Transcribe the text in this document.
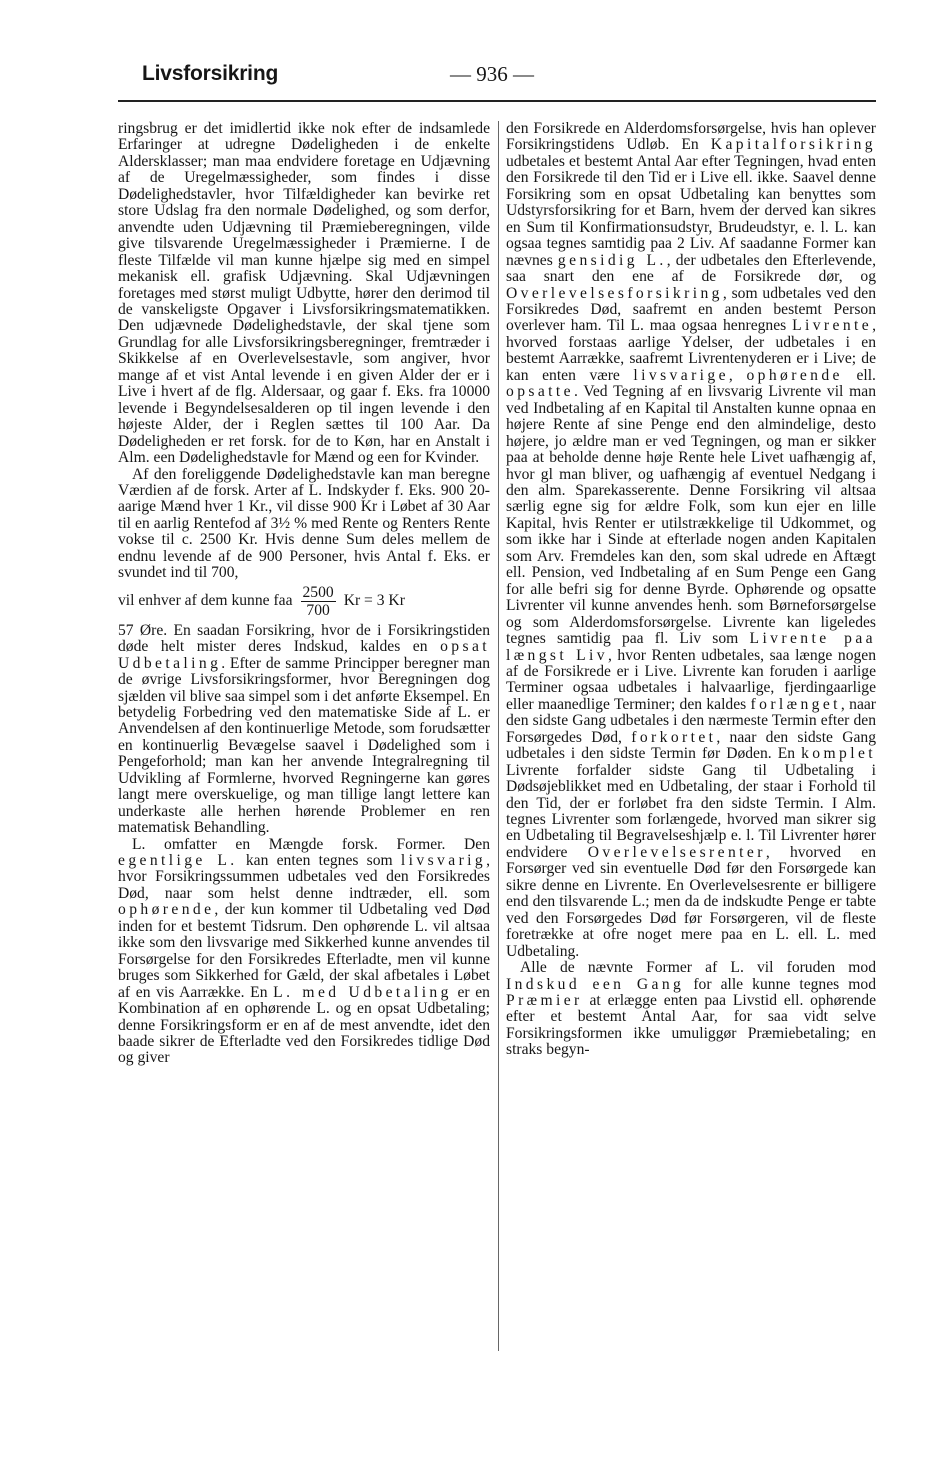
Livsforsikring	— 936 —

ringsbrug er det imidlertid ikke nok efter de indsamlede Erfaringer at udregne Dødeligheden i de enkelte Aldersklasser; man maa endvidere foretage en Udjævning af de Uregelmæssigheder, som findes i disse Dødelighedstavler, hvor Tilfældigheder kan bevirke ret store Udslag fra den normale Dødelighed, og som derfor, anvendte uden Udjævning til Præmieberegningen, vilde give tilsvarende Uregelmæssigheder i Præmierne. I de fleste Tilfælde vil man kunne hjælpe sig med en simpel mekanisk ell. grafisk Udjævning. Skal Udjævningen foretages med størst muligt Udbytte, hører den derimod til de vanskeligste Opgaver i Livsforsikringsmatematikken. Den udjævnede Dødelighedstavle, der skal tjene som Grundlag for alle Livsforsikringsberegninger, fremtræder i Skikkelse af en Overlevelsestavle, som angiver, hvor mange af et vist Antal levende i en given Alder der er i Live i hvert af de flg. Aldersaar, og gaar f. Eks. fra 10000 levende i Begyndelsesalderen op til ingen levende i den højeste Alder, der i Reglen sættes til 100 Aar. Da Dødeligheden er ret forsk. for de to Køn, har en Anstalt i Alm. een Dødelighedstavle for Mænd og een for Kvinder.

Af den foreliggende Dødelighedstavle kan man beregne Værdien af de forsk. Arter af L. Indskyder f. Eks. 900 20-aarige Mænd hver 1 Kr., vil disse 900 Kr i Løbet af 30 Aar til en aarlig Rentefod af 3½ % med Rente og Renters Rente vokse til c. 2500 Kr. Hvis denne Sum deles mellem de endnu levende af de 900 Personer, hvis Antal f. Eks. er svundet ind til 700,

vil enhver af dem kunne faa $\frac{2500}{700}$ Kr = 3 Kr

57 Øre. En saadan Forsikring, hvor de i Forsikringstiden døde helt mister deres Indskud, kaldes en opsat Udbetaling. Efter de samme Principper beregner man de øvrige Livsforsikringsformer, hvor Beregningen dog sjælden vil blive saa simpel som i det anførte Eksempel. En betydelig Forbedring ved den matematiske Side af L. er Anvendelsen af den kontinuerlige Metode, som forudsætter en kontinuerlig Bevægelse saavel i Dødelighed som i Pengeforhold; man kan her anvende Integralregning til Udvikling af Formlerne, hvorved Regningerne kan gøres langt mere overskuelige, og man tillige langt lettere kan underkaste alle herhen hørende Problemer en ren matematisk Behandling.

L. omfatter en Mængde forsk. Former. Den egentlige L. kan enten tegnes som livsvarig, hvor Forsikringssummen udbetales ved den Forsikredes Død, naar som helst denne indtræder, ell. som ophørende, der kun kommer til Udbetaling ved Død inden for et bestemt Tidsrum. Den ophørende L. vil altsaa ikke som den livsvarige med Sikkerhed kunne anvendes til Forsørgelse for den Forsikredes Efterladte, men vil kunne bruges som Sikkerhed for Gæld, der skal afbetales i Løbet af en vis Aarrække. En L. med Udbetaling er en Kombination af en ophørende L. og en opsat Udbetaling; denne Forsikringsform er en af de mest anvendte, idet den baade sikrer de Efterladte ved den Forsikredes tidlige Død og giver

den Forsikrede en Alderdomsforsørgelse, hvis han oplever Forsikringstidens Udløb. En Kapitalforsikring udbetales et bestemt Antal Aar efter Tegningen, hvad enten den Forsikrede til den Tid er i Live ell. ikke. Saavel denne Forsikring som en opsat Udbetaling kan benyttes som Udstyrsforsikring for et Barn, hvem der derved kan sikres en Sum til Konfirmationsudstyr, Brudeudstyr, e. l. L. kan ogsaa tegnes samtidig paa 2 Liv. Af saadanne Former kan nævnes gensidig L., der udbetales den Efterlevende, saa snart den ene af de Forsikrede dør, og Overlevelsesforsikring, som udbetales ved den Forsikredes Død, saafremt en anden bestemt Person overlever ham. Til L. maa ogsaa henregnes Livrente, hvorved forstaas aarlige Ydelser, der udbetales i en bestemt Aarrække, saafremt Livrentenyderen er i Live; de kan enten være livsvarige, ophørende ell. opsatte. Ved Tegning af en livsvarig Livrente vil man ved Indbetaling af en Kapital til Anstalten kunne opnaa en højere Rente af sine Penge end den almindelige, desto højere, jo ældre man er ved Tegningen, og man er sikker paa at beholde denne høje Rente hele Livet uafhængig af, hvor gl man bliver, og uafhængig af eventuel Nedgang i den alm. Sparekasserente. Denne Forsikring vil altsaa særlig egne sig for ældre Folk, som kun ejer en lille Kapital, hvis Renter er utilstrækkelige til Udkommet, og som ikke har i Sinde at efterlade nogen anden Kapitalen som Arv. Fremdeles kan den, som skal udrede en Aftægt ell. Pension, ved Indbetaling af en Sum Penge een Gang for alle befri sig for denne Byrde. Ophørende og opsatte Livrenter vil kunne anvendes henh. som Børneforsørgelse og som Alderdomsforsørgelse. Livrente kan ligeledes tegnes samtidig paa fl. Liv som Livrente paa længst Liv, hvor Renten udbetales, saa længe nogen af de Forsikrede er i Live. Livrente kan foruden i aarlige Terminer ogsaa udbetales i halvaarlige, fjerdingaarlige eller maanedlige Terminer; den kaldes forlænget, naar den sidste Gang udbetales i den nærmeste Termin efter den Forsørgedes Død, forkortet, naar den sidste Gang udbetales i den sidste Termin før Døden. En komplet Livrente forfalder sidste Gang til Udbetaling i Dødsøjeblikket med en Udbetaling, der staar i Forhold til den Tid, der er forløbet fra den sidste Termin. I Alm. tegnes Livrenter som forlængede, hvorved man sikrer sig en Udbetaling til Begravelseshjælp e. l. Til Livrenter hører endvidere Overlevelsesrenter, hvorved en Forsørger ved sin eventuelle Død før den Forsørgede kan sikre denne en Livrente. En Overlevelsesrente er billigere end den tilsvarende L.; men da de indskudte Penge er tabte ved den Forsørgedes Død før Forsørgeren, vil de fleste foretrække at ofre noget mere paa en L. ell. L. med Udbetaling.

Alle de nævnte Former af L. vil foruden mod Indskud een Gang for alle kunne tegnes mod Præmier at erlægge enten paa Livstid ell. ophørende efter et bestemt Antal Aar, for saa vidt selve Forsikringsformen ikke umuliggør Præmiebetaling; en straks begyn-
